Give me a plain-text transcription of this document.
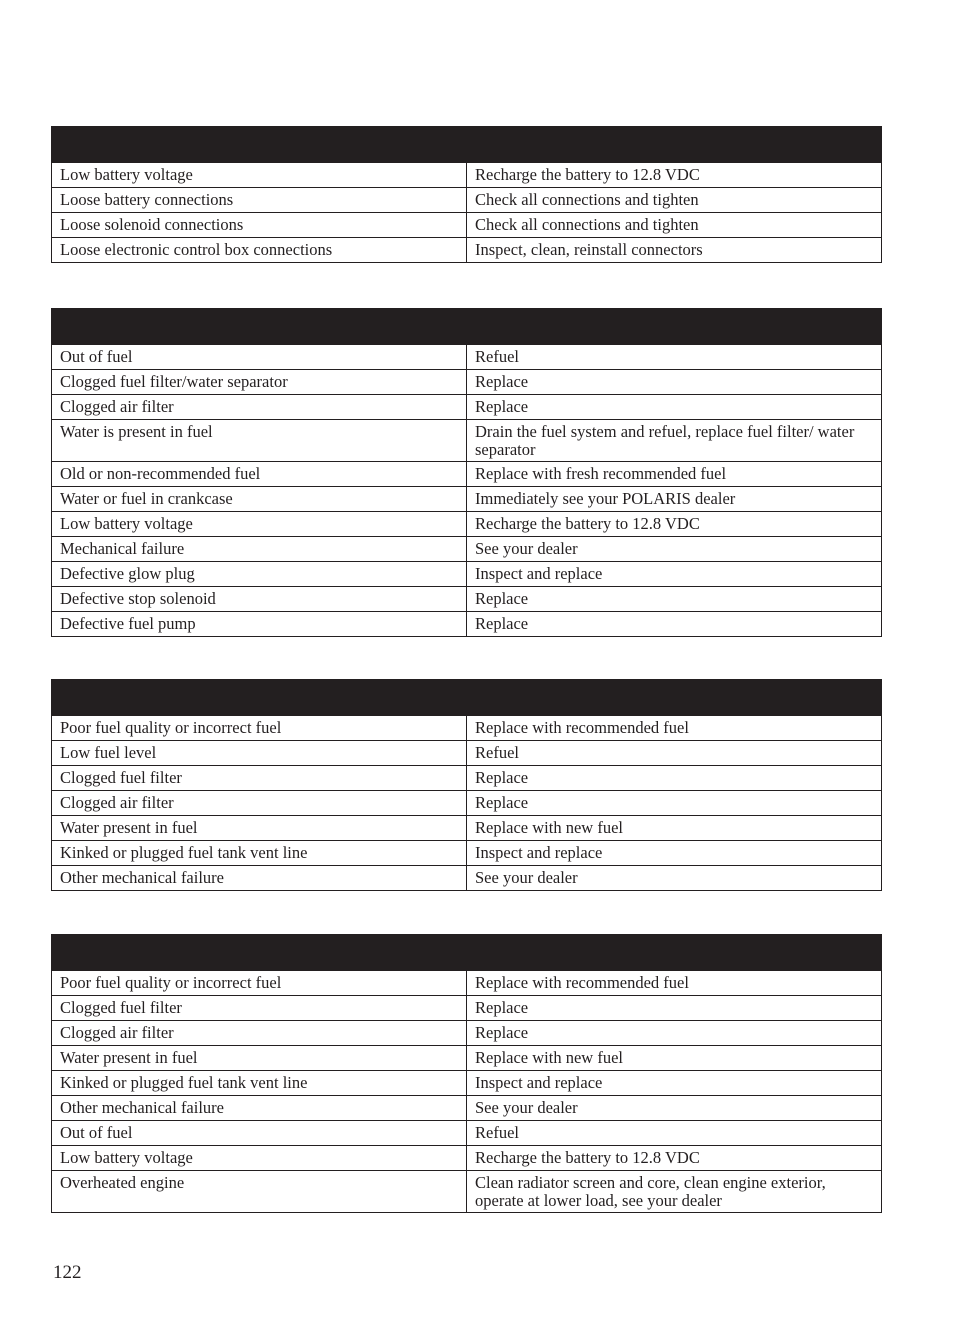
Low battery voltage	Recharge the battery to 12.8 VDC
Loose battery connections	Check all connections and tighten
Loose solenoid connections	Check all connections and tighten
Loose electronic control box connections	Inspect, clean, reinstall connectors

Out of fuel	Refuel
Clogged fuel filter/water separator	Replace
Clogged air filter	Replace
Water is present in fuel	Drain the fuel system and refuel, replace fuel filter/ water separator
Old or non-recommended fuel	Replace with fresh recommended fuel
Water or fuel in crankcase	Immediately see your POLARIS dealer
Low battery voltage	Recharge the battery to 12.8 VDC
Mechanical failure	See your dealer
Defective glow plug	Inspect and replace
Defective stop solenoid	Replace
Defective fuel pump	Replace

Poor fuel quality or incorrect fuel	Replace with recommended fuel
Low fuel level	Refuel
Clogged fuel filter	Replace
Clogged air filter	Replace
Water present in fuel	Replace with new fuel
Kinked or plugged fuel tank vent line	Inspect and replace
Other mechanical failure	See your dealer

Poor fuel quality or incorrect fuel	Replace with recommended fuel
Clogged fuel filter	Replace
Clogged air filter	Replace
Water present in fuel	Replace with new fuel
Kinked or plugged fuel tank vent line	Inspect and replace
Other mechanical failure	See your dealer
Out of fuel	Refuel
Low battery voltage	Recharge the battery to 12.8 VDC
Overheated engine	Clean radiator screen and core, clean engine exterior, operate at lower load, see your dealer
122
